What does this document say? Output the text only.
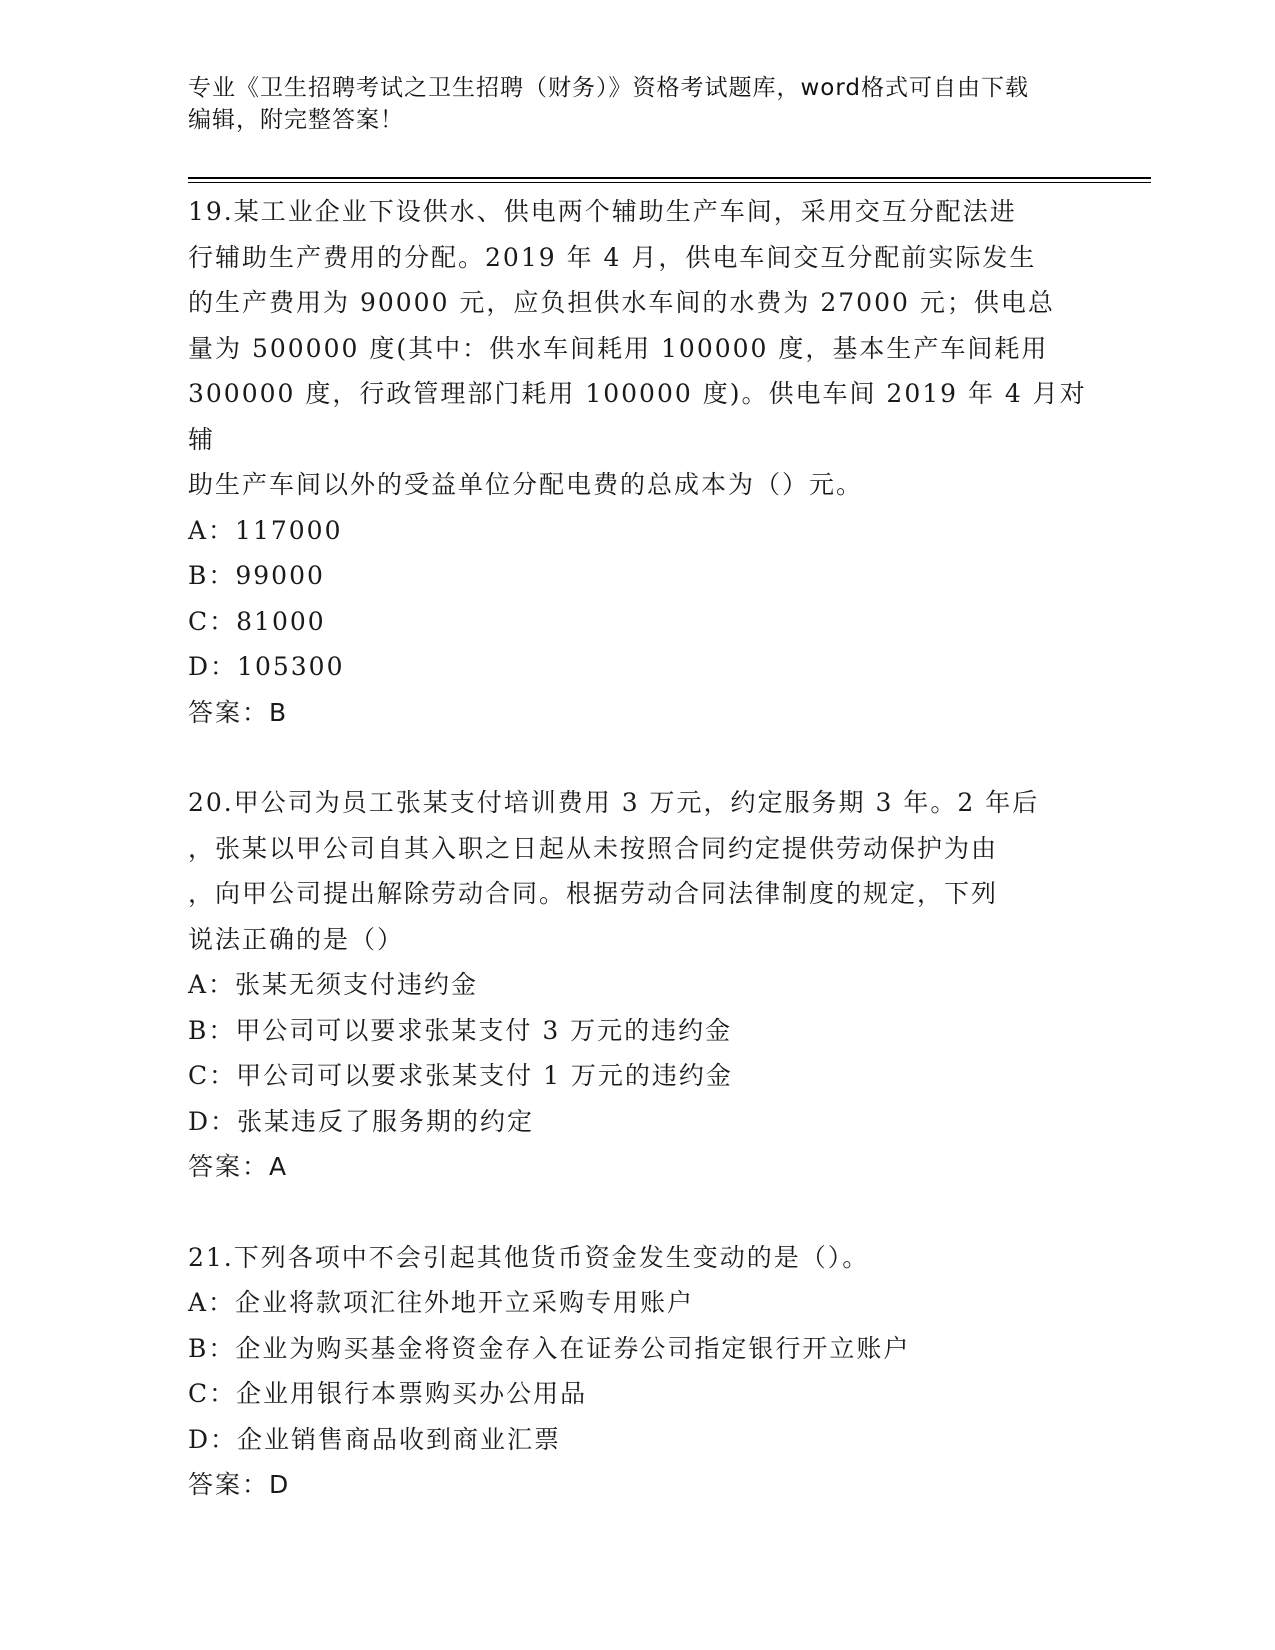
专业《卫生招聘考试之卫生招聘（财务）》资格考试题库，word格式可自由下载
编辑，附完整答案！
19.某工业企业下设供水、供电两个辅助生产车间，采用交互分配法进
行辅助生产费用的分配。2019 年 4 月，供电车间交互分配前实际发生
的生产费用为 90000 元，应负担供水车间的水费为 27000 元；供电总
量为 500000 度(其中：供水车间耗用 100000 度，基本生产车间耗用
300000 度，行政管理部门耗用 100000 度)。供电车间 2019 年 4 月对辅
助生产车间以外的受益单位分配电费的总成本为（）元。
A：117000
B：99000
C：81000
D：105300
答案：B
20.甲公司为员工张某支付培训费用 3 万元，约定服务期 3 年。2 年后
，张某以甲公司自其入职之日起从未按照合同约定提供劳动保护为由
，向甲公司提出解除劳动合同。根据劳动合同法律制度的规定，下列
说法正确的是（）
A：张某无须支付违约金
B：甲公司可以要求张某支付 3 万元的违约金
C：甲公司可以要求张某支付 1 万元的违约金
D：张某违反了服务期的约定
答案：A
21.下列各项中不会引起其他货币资金发生变动的是（）。
A：企业将款项汇往外地开立采购专用账户
B：企业为购买基金将资金存入在证券公司指定银行开立账户
C：企业用银行本票购买办公用品
D：企业销售商品收到商业汇票
答案：D
